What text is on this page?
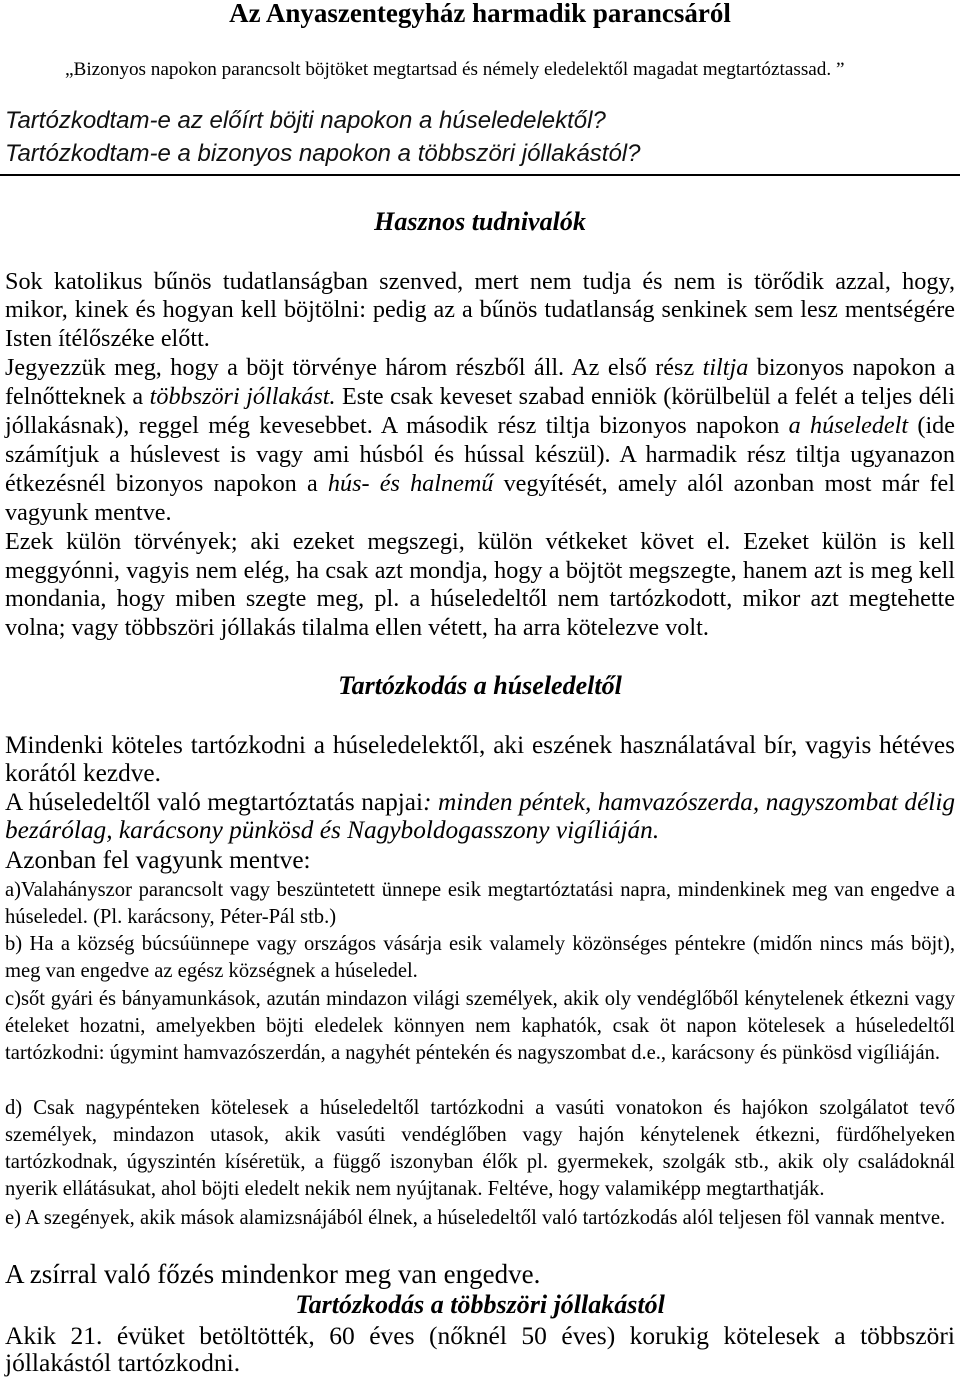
Az Anyaszentegyház harmadik parancsáról

„Bizonyos napokon parancsolt böjtöket megtartsad és némely eledelektől magadat megtartóztassad. ”

Tartózkodtam-e az előírt böjti napokon a húseledelektől?
Tartózkodtam-e a bizonyos napokon a többszöri jóllakástól?
Hasznos tudnivalók

Sok katolikus bűnös tudatlanságban szenved, mert nem tudja és nem is törődik azzal, hogy, mikor, kinek és hogyan kell böjtölni: pedig az a bűnös tudatlanság senkinek sem lesz mentségére Isten ítélőszéke előtt.

Jegyezzük meg, hogy a böjt törvénye három részből áll. Az első rész tiltja bizonyos napokon a felnőtteknek a többszöri jóllakást. Este csak keveset szabad enniök (körülbelül a felét a teljes déli jóllakásnak), reggel még kevesebbet. A második rész tiltja bizonyos napokon a húseledelt (ide számítjuk a húslevest is vagy ami húsból és hússal készül). A harmadik rész tiltja ugyanazon étkezésnél bizonyos napokon a hús- és halnemű vegyítését, amely alól azonban most már fel vagyunk mentve.

Ezek külön törvények; aki ezeket megszegi, külön vétkeket követ el. Ezeket külön is kell meggyónni, vagyis nem elég, ha csak azt mondja, hogy a böjtöt megszegte, hanem azt is meg kell mondania, hogy miben szegte meg, pl. a húseledeltől nem tartózkodott, mikor azt megtehette volna; vagy többszöri jóllakás tilalma ellen vétett, ha arra kötelezve volt.

Tartózkodás a húseledeltől

Mindenki köteles tartózkodni a húseledelektől, aki eszének használatával bír, vagyis hétéves korától kezdve.

A húseledeltől való megtartóztatás napjai: minden péntek, hamvazószerda, nagyszombat délig bezárólag, karácsony pünkösd és Nagyboldogasszony vigíliáján.

Azonban fel vagyunk mentve:

a)Valahányszor parancsolt vagy beszüntetett ünnepe esik megtartóztatási napra, mindenkinek meg van engedve a húseledel. (Pl. karácsony, Péter-Pál stb.)

b) Ha a község búcsúünnepe vagy országos vásárja esik valamely közönséges péntekre (midőn nincs más böjt), meg van engedve az egész községnek a húseledel.

c)sőt gyári és bányamunkások, azután mindazon világi személyek, akik oly vendéglőből kénytelenek étkezni vagy ételeket hozatni, amelyekben böjti eledelek könnyen nem kaphatók, csak öt napon kötelesek a húseledeltől tartózkodni: úgymint hamvazószerdán, a nagyhét péntekén és nagyszombat d.e., karácsony és pünkösd vigíliáján.

d) Csak nagypénteken kötelesek a húseledeltől tartózkodni a vasúti vonatokon és hajókon szolgálatot tevő személyek, mindazon utasok, akik vasúti vendéglőben vagy hajón kénytelenek étkezni, fürdőhelyeken tartózkodnak, úgyszintén kíséretük, a függő iszonyban élők pl. gyermekek, szolgák stb., akik oly családoknál nyerik ellátásukat, ahol böjti eledelt nekik nem nyújtanak. Feltéve, hogy valamiképp megtarthatják.

e) A szegények, akik mások alamizsnájából élnek, a húseledeltől való tartózkodás alól teljesen föl vannak mentve.

A zsírral való főzés mindenkor meg van engedve.

Tartózkodás a többszöri jóllakástól

Akik 21. évüket betöltötték, 60 éves (nőknél 50 éves) korukig kötelesek a többszöri jóllakástól tartózkodni.
